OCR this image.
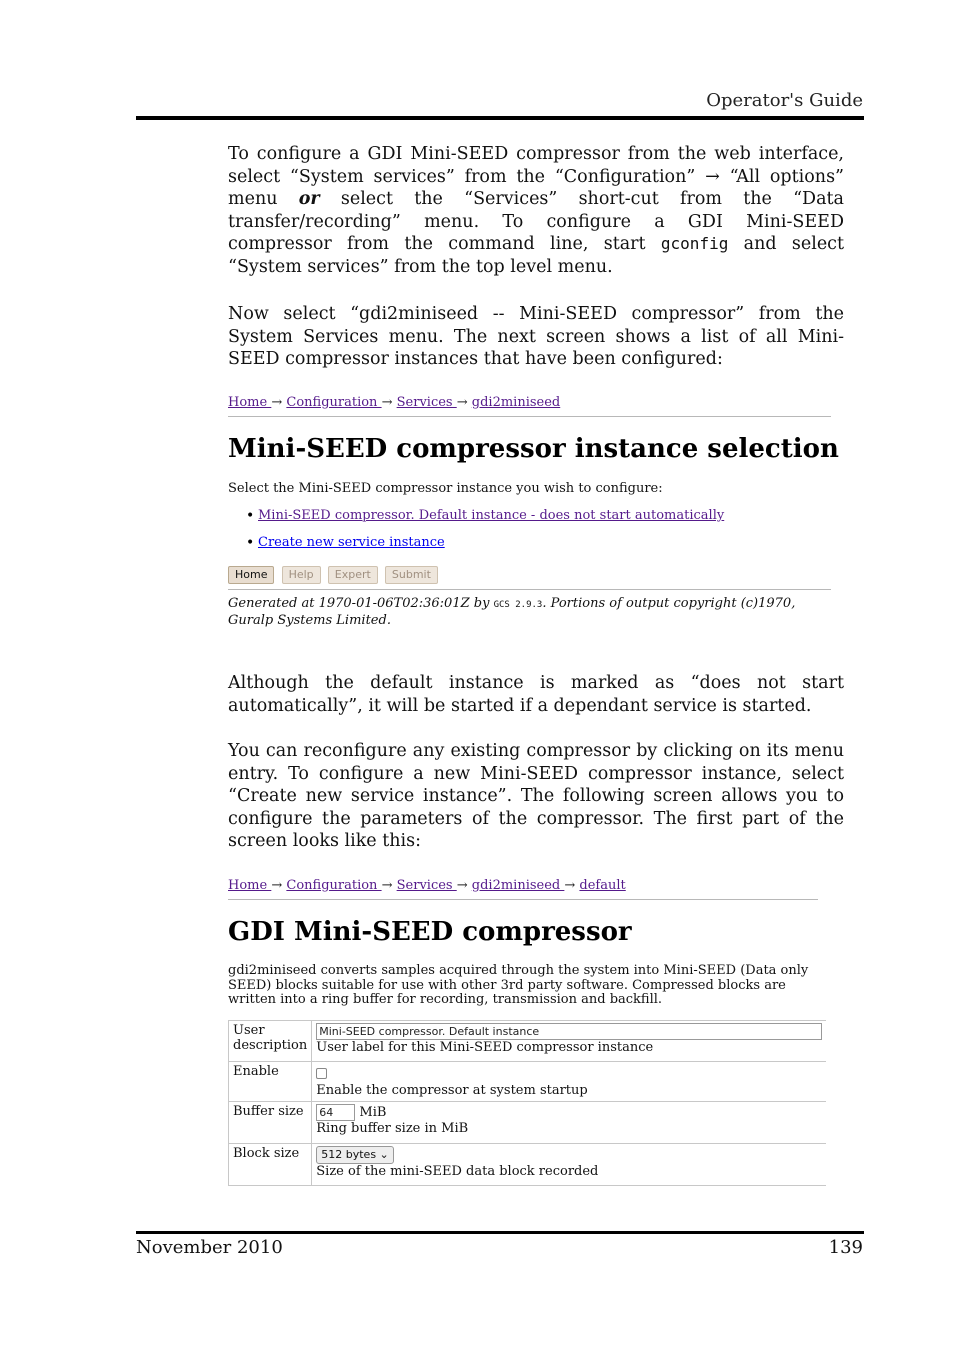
Operator's Guide
To configure a GDI Mini-SEED compressor from the web interface, select “System services” from the “Configuration” → “All options” menu or select the “Services” short-cut from the “Data transfer/recording” menu. To configure a GDI Mini-SEED compressor from the command line, start gconfig and select “System services” from the top level menu.
Now select “gdi2miniseed -- Mini-SEED compressor” from the System Services menu. The next screen shows a list of all Mini-SEED compressor instances that have been configured:
Home → Configuration → Services → gdi2miniseed
Mini-SEED compressor instance selection
Select the Mini-SEED compressor instance you wish to configure:
• Mini-SEED compressor. Default instance - does not start automatically
• Create new service instance
Home Help Expert Submit
Generated at 1970-01-06T02:36:01Z by GCS 2.9.3. Portions of output copyright (c)1970, Guralp Systems Limited.
Although the default instance is marked as “does not start automatically”, it will be started if a dependant service is started.
You can reconfigure any existing compressor by clicking on its menu entry. To configure a new Mini-SEED compressor instance, select “Create new service instance”. The following screen allows you to configure the parameters of the compressor. The first part of the screen looks like this:
Home → Configuration → Services → gdi2miniseed → default
GDI Mini-SEED compressor
gdi2miniseed converts samples acquired through the system into Mini-SEED (Data only SEED) blocks suitable for use with other 3rd party software. Compressed blocks are written into a ring buffer for recording, transmission and backfill.
User description	Mini-SEED compressor. Default instance
User label for this Mini-SEED compressor instance

Enable	Enable the compressor at system startup

Buffer size	64 MiB
Ring buffer size in MiB

Block size	512 bytes ⌄
Size of the mini-SEED data block recorded
November 2010	139
